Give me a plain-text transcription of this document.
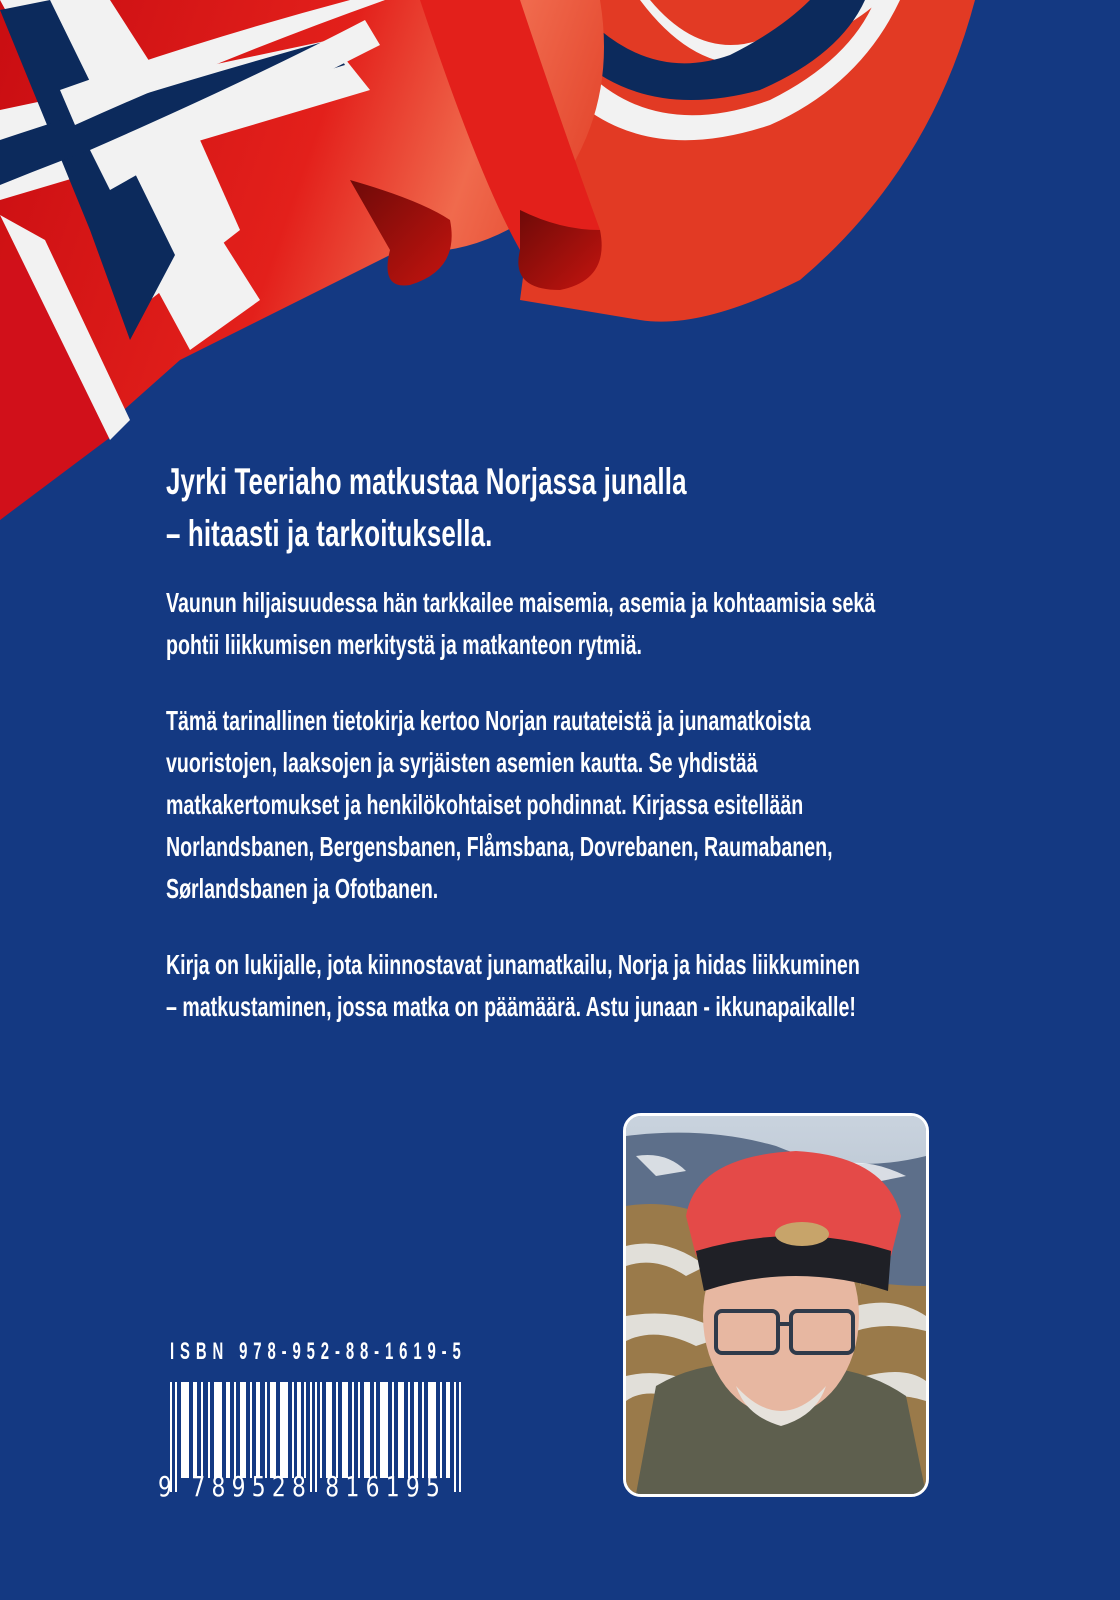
Jyrki Teeriaho matkustaa Norjassa junalla
– hitaasti ja tarkoituksella.
Vaunun hiljaisuudessa hän tarkkailee maisemia, asemia ja kohtaamisia sekä
pohtii liikkumisen merkitystä ja matkanteon rytmiä.
Tämä tarinallinen tietokirja kertoo Norjan rautateistä ja junamatkoista
vuoristojen, laaksojen ja syrjäisten asemien kautta. Se yhdistää
matkakertomukset ja henkilökohtaiset pohdinnat. Kirjassa esitellään
Norlandsbanen, Bergensbanen, Flåmsbana, Dovrebanen, Raumabanen,
Sørlandsbanen ja Ofotbanen.
Kirja on lukijalle, jota kiinnostavat junamatkailu, Norja ja hidas liikkuminen
– matkustaminen, jossa matka on päämäärä. Astu junaan - ikkunapaikalle!
ISBN 978-952-88-1619-5
9 789528 816195
